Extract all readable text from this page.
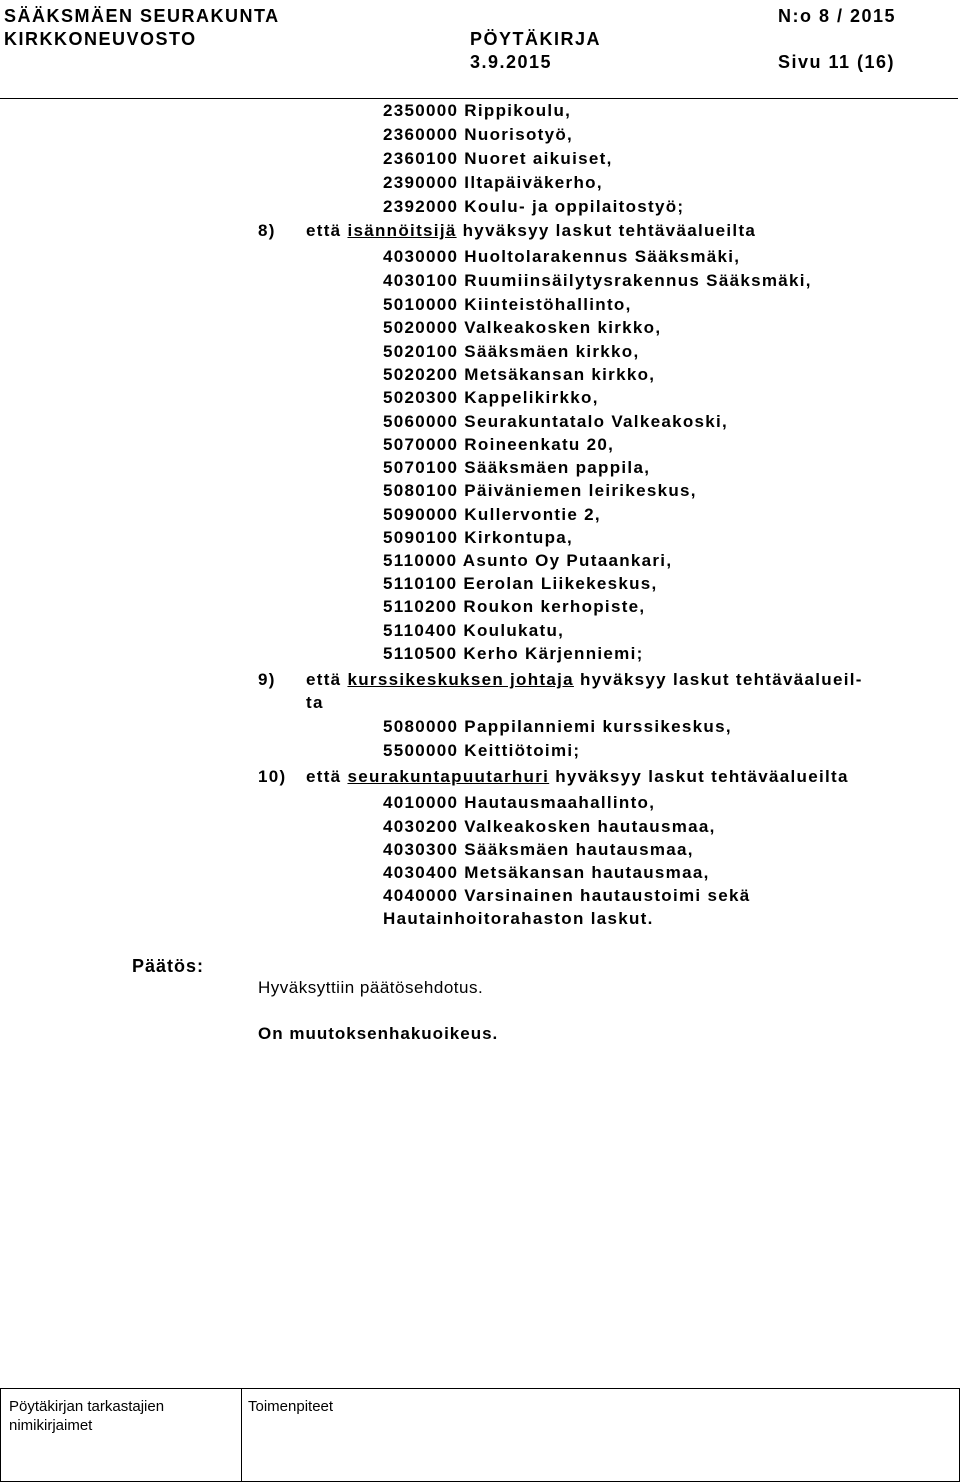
SÄÄKSMÄEN SEURAKUNTA
KIRKKONEUVOSTO	PÖYTÄKIRJA
3.9.2015
N:o 8 / 2015
Sivu 11 (16)
2350000 Rippikoulu,
2360000 Nuorisotyö,
2360100 Nuoret aikuiset,
2390000 Iltapäiväkerho,
2392000 Koulu- ja oppilaitostyö;
8) että isännöitsijä hyväksyy laskut tehtäväalueilta
4030000 Huoltolarakennus Sääksmäki,
4030100 Ruumiinsäilytysrakennus Sääksmäki,
5010000 Kiinteistöhallinto,
5020000 Valkeakosken kirkko,
5020100 Sääksmäen kirkko,
5020200 Metsäkansan kirkko,
5020300 Kappelikirkko,
5060000 Seurakuntatalo Valkeakoski,
5070000 Roineenkatu 20,
5070100 Sääksmäen pappila,
5080100 Päiväniemen leirikeskus,
5090000 Kullervontie 2,
5090100 Kirkontupa,
5110000 Asunto Oy Putaankari,
5110100 Eerolan Liikekeskus,
5110200 Roukon kerhopiste,
5110400 Koulukatu,
5110500 Kerho Kärjenniemi;
9) että kurssikeskuksen johtaja hyväksyy laskut tehtäväalueil-
ta
5080000 Pappilanniemi kurssikeskus,
5500000 Keittiötoimi;
10) että seurakuntapuutarhuri hyväksyy laskut tehtäväalueilta
4010000 Hautausmaahallinto,
4030200 Valkeakosken hautausmaa,
4030300 Sääksmäen hautausmaa,
4030400 Metsäkansan hautausmaa,
4040000 Varsinainen hautaustoimi sekä
Hautainhoitorahaston laskut.
Päätös:
Hyväksyttiin päätösehdotus.
On muutoksenhakuoikeus.
Pöytäkirjan tarkastajien
nimikirjaimet
Toimenpiteet
